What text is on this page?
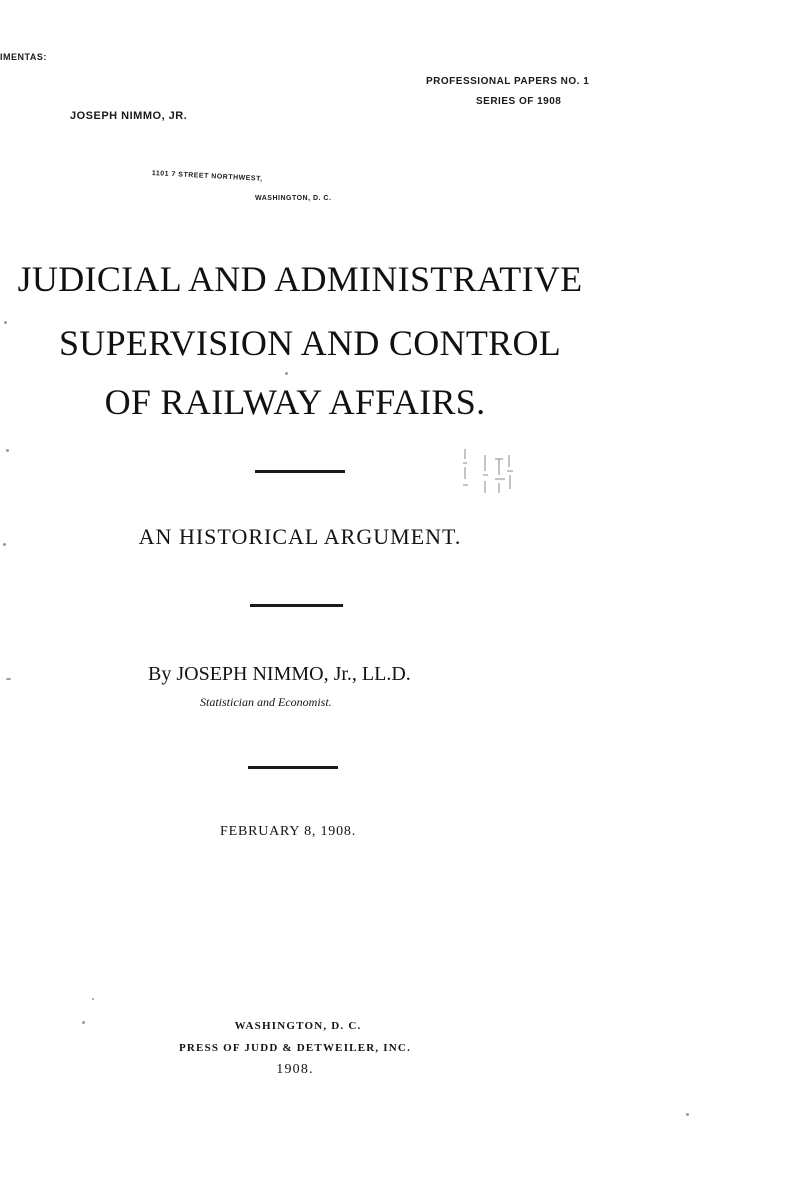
IMENTAS:
PROFESSIONAL PAPERS NO. 1
SERIES OF 1908
JOSEPH NIMMO, JR.
1101 7 STREET NORTHWEST,
WASHINGTON, D. C.
JUDICIAL AND ADMINISTRATIVE
SUPERVISION AND CONTROL
OF RAILWAY AFFAIRS.
AN HISTORICAL ARGUMENT.
By JOSEPH NIMMO, Jr., LL.D.
Statistician and Economist.
FEBRUARY 8, 1908.
WASHINGTON, D. C.
PRESS OF JUDD & DETWEILER, INC.
1908.
